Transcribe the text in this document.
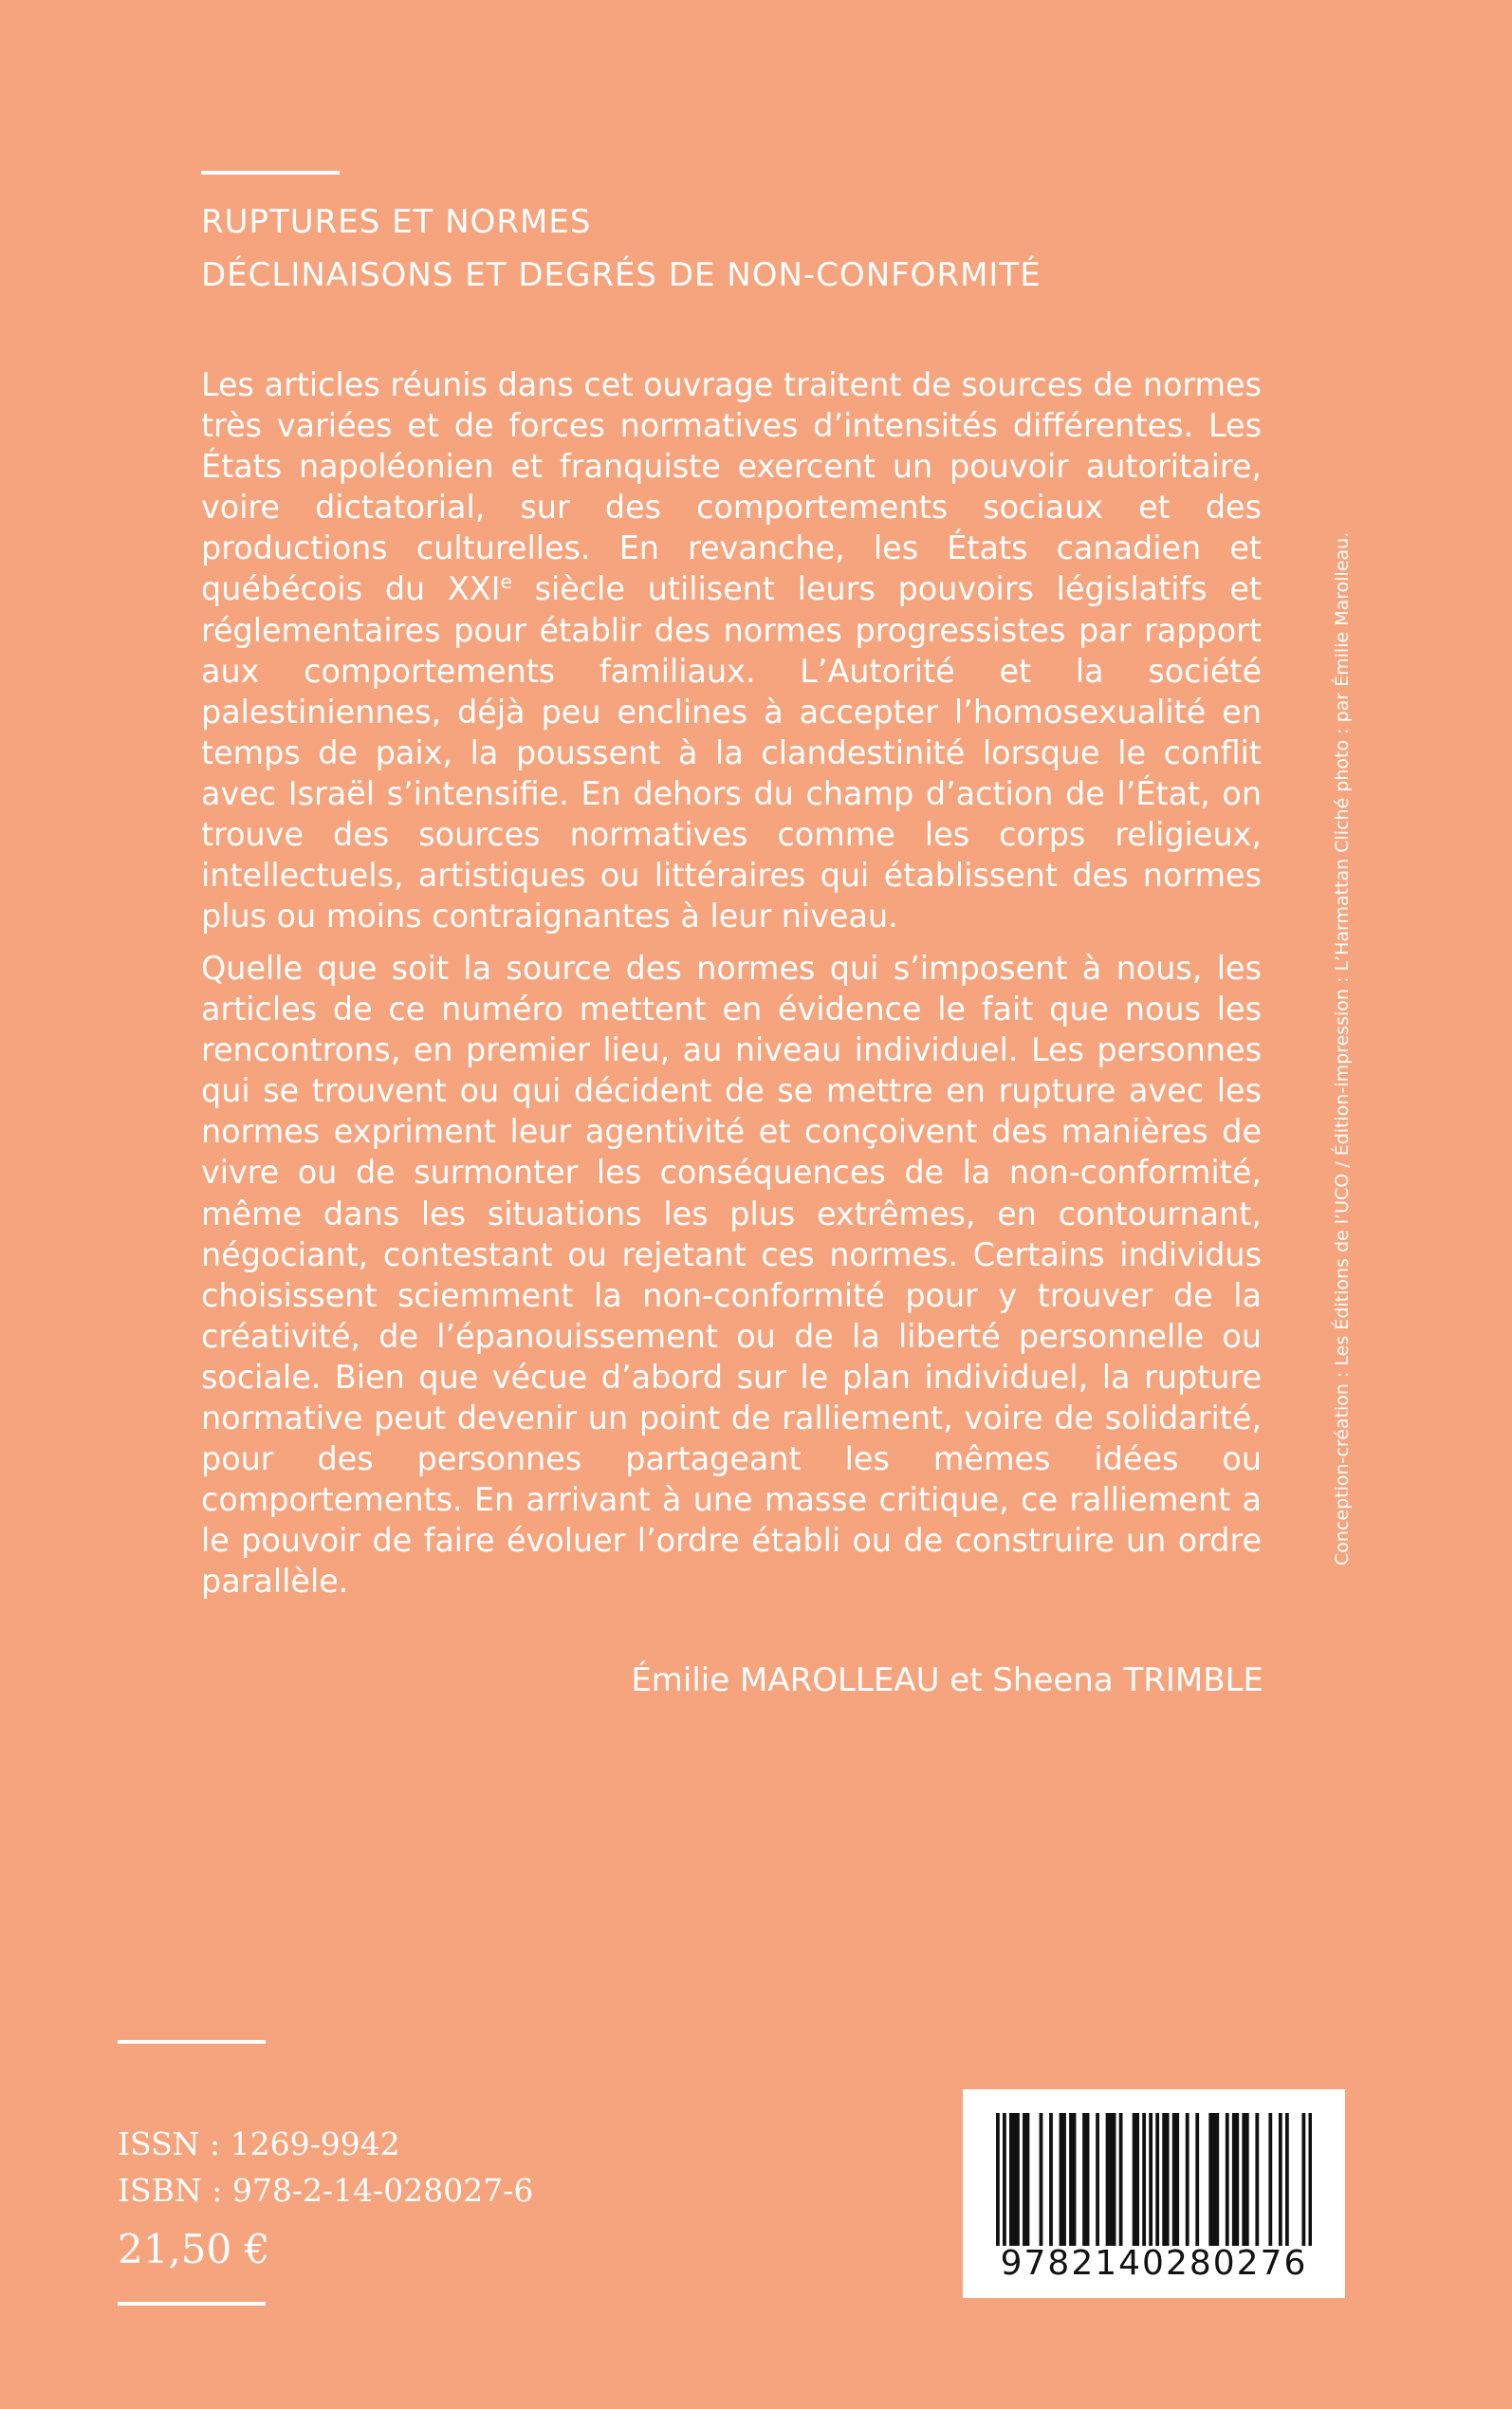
RUPTURES ET NORMES
DÉCLINAISONS ET DEGRÉS DE NON-CONFORMITÉ

Les articles réunis dans cet ouvrage traitent de sources de normes très variées et de forces normatives d’intensités différentes. Les États napoléonien et franquiste exercent un pouvoir autoritaire, voire dictatorial, sur des comportements sociaux et des productions culturelles. En revanche, les États canadien et québécois du XXIe siècle utilisent leurs pouvoirs législatifs et réglementaires pour établir des normes progressistes par rapport aux comportements familiaux. L’Autorité et la société palestiniennes, déjà peu enclines à accepter l’homosexualité en temps de paix, la poussent à la clandestinité lorsque le conflit avec Israël s’intensifie. En dehors du champ d’action de l’État, on trouve des sources normatives comme les corps religieux, intellectuels, artistiques ou littéraires qui établissent des normes plus ou moins contraignantes à leur niveau.

Quelle que soit la source des normes qui s’imposent à nous, les articles de ce numéro mettent en évidence le fait que nous les rencontrons, en premier lieu, au niveau individuel. Les personnes qui se trouvent ou qui décident de se mettre en rupture avec les normes expriment leur agentivité et conçoivent des manières de vivre ou de surmonter les conséquences de la non-conformité, même dans les situations les plus extrêmes, en contournant, négociant, contestant ou rejetant ces normes. Certains individus choisissent sciemment la non-conformité pour y trouver de la créativité, de l’épanouissement ou de la liberté personnelle ou sociale. Bien que vécue d’abord sur le plan individuel, la rupture normative peut devenir un point de ralliement, voire de solidarité, pour des personnes partageant les mêmes idées ou comportements. En arrivant à une masse critique, ce ralliement a le pouvoir de faire évoluer l’ordre établi ou de construire un ordre parallèle.

Émilie MAROLLEAU et Sheena TRIMBLE
Conception-création : Les Éditions de l’UCO / Édition-impression : L’Harmattan Cliché photo : par Émilie Marolleau.
ISSN : 1269-9942
ISBN : 978-2-14-028027-6
21,50 €	9782140280276
